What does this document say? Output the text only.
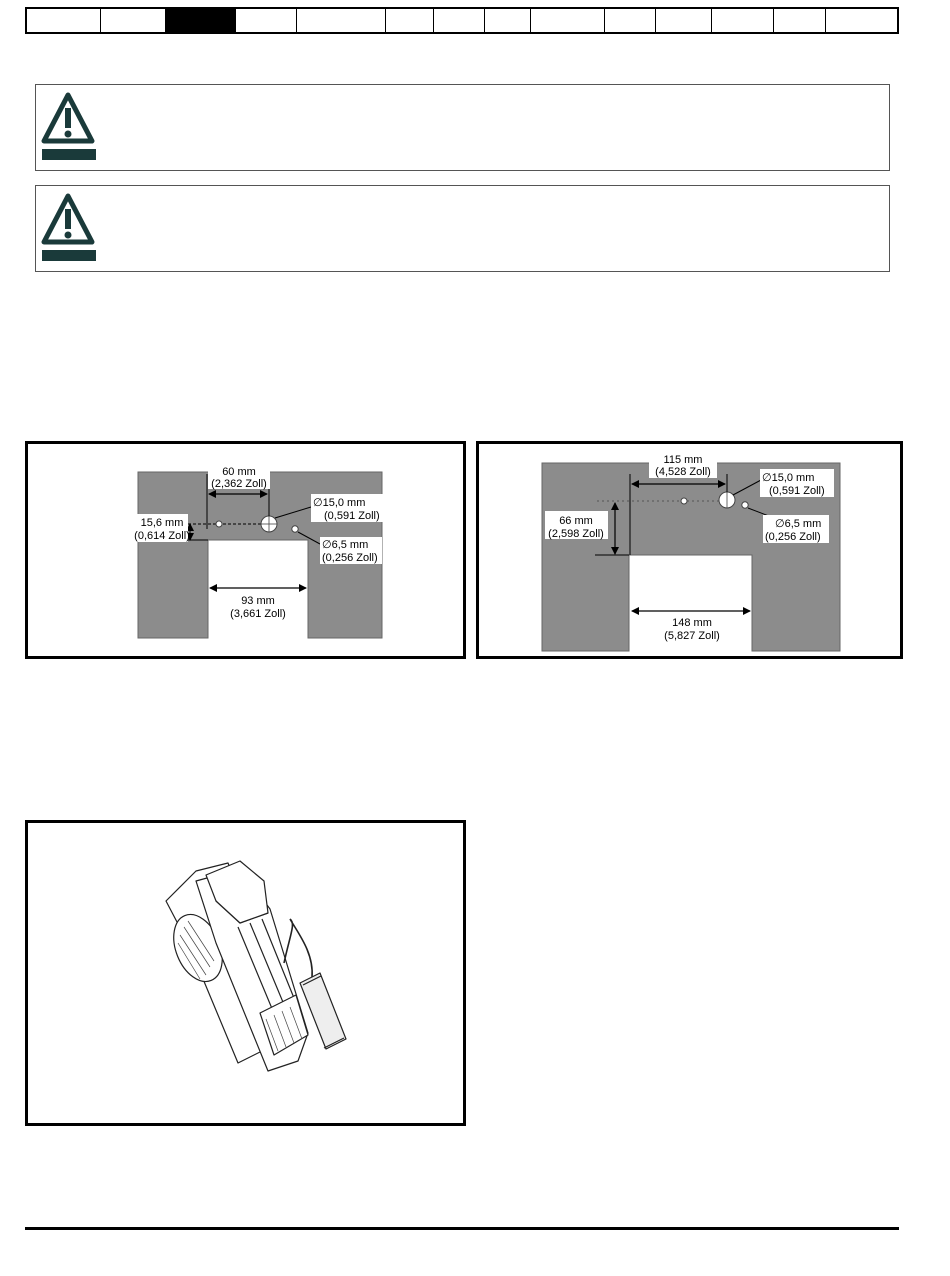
60 mm
(2,362 Zoll)
15,6 mm
(0,614 Zoll)
∅15,0 mm
(0,591 Zoll)
∅6,5 mm
(0,256 Zoll)
93 mm
(3,661 Zoll)
115 mm
(4,528 Zoll)	∅15,0 mm
(0,591 Zoll)
66 mm
(2,598 Zoll)
∅6,5 mm
(0,256 Zoll)
148 mm
(5,827 Zoll)
